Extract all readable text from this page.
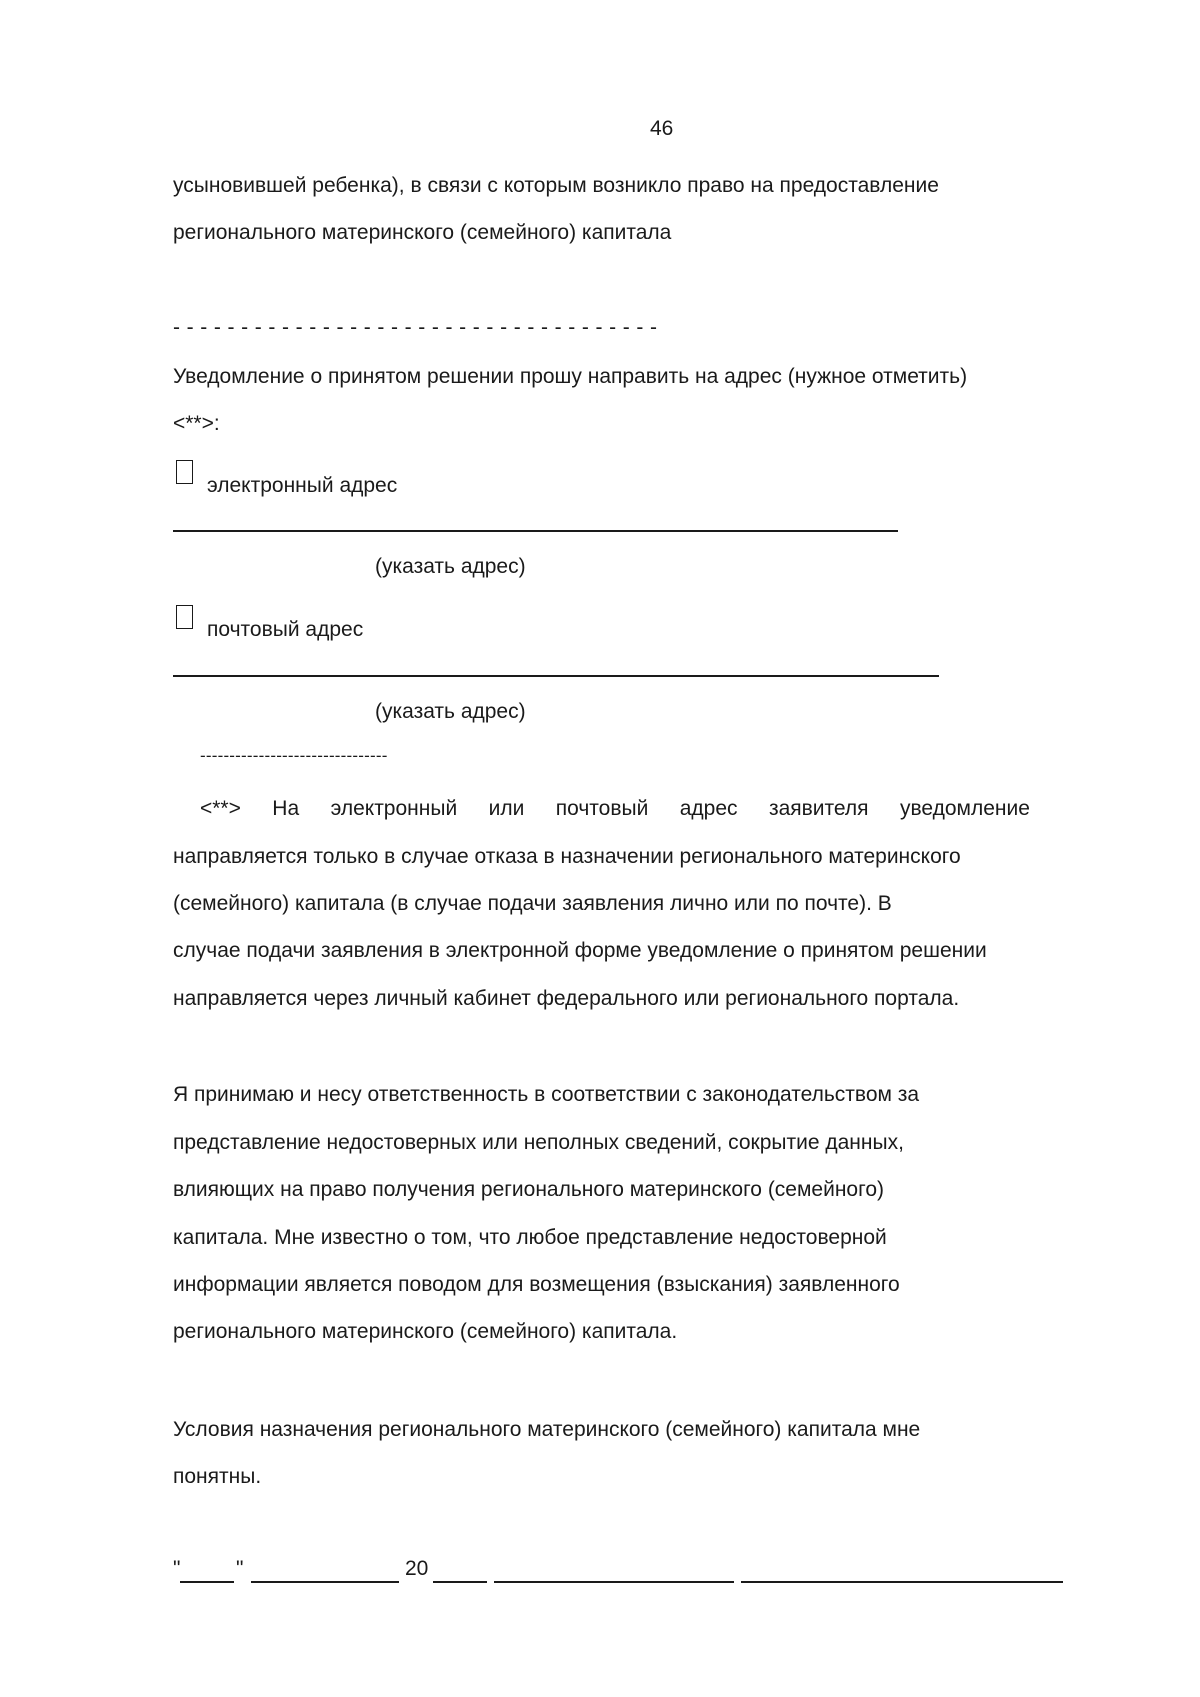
46
усыновившей ребенка), в связи с которым возникло право на предоставление
регионального материнского (семейного) капитала
- - - - - - - - - - - - - - - - - - - - - - - - - - - - - - - - - - - -
Уведомление о принятом решении прошу направить на адрес (нужное отметить)
<**>:
электронный адрес
(указать адрес)
почтовый адрес
(указать адрес)
--------------------------------
<**> На электронный или почтовый адрес заявителя уведомление
направляется только в случае отказа в назначении регионального материнского
(семейного) капитала (в случае подачи заявления лично или по почте). В
случае подачи заявления в электронной форме уведомление о принятом решении
направляется через личный кабинет федерального или регионального портала.
Я принимаю и несу ответственность в соответствии с законодательством за
представление недостоверных или неполных сведений, сокрытие данных,
влияющих на право получения регионального материнского (семейного)
капитала. Мне известно о том, что любое представление недостоверной
информации является поводом для возмещения (взыскания) заявленного
регионального материнского (семейного) капитала.
Условия назначения регионального материнского (семейного) капитала мне
понятны.
"	"	20
